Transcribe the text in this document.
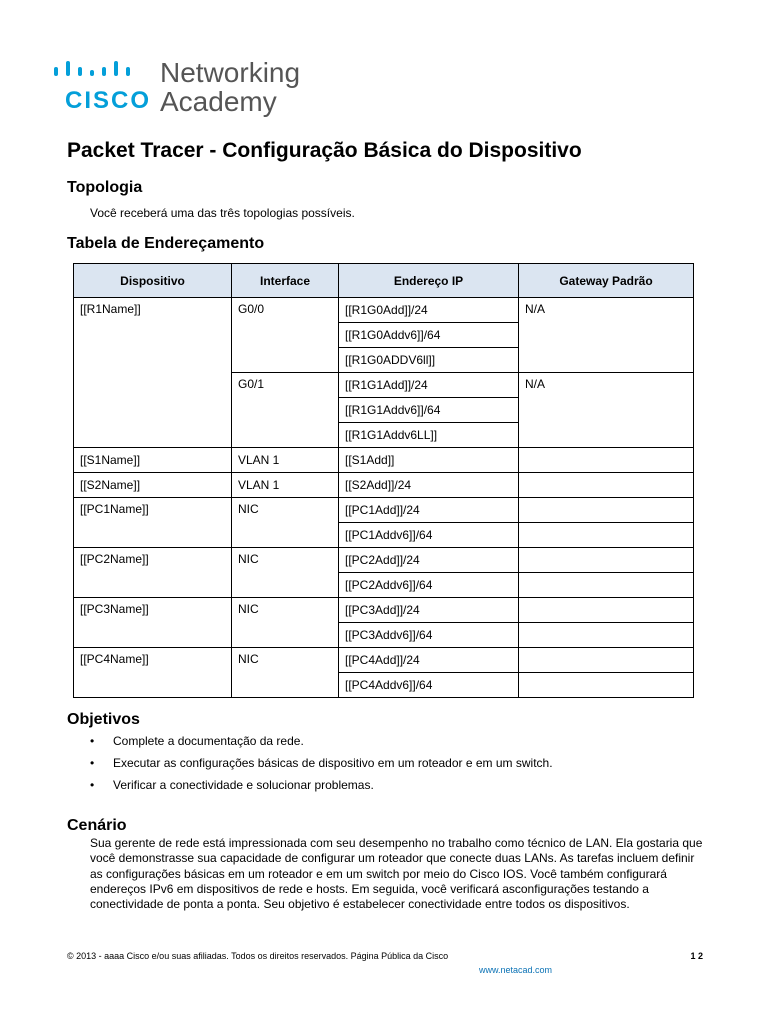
CISCO
Networking
Academy
Packet Tracer - Configuração Básica do Dispositivo
Topologia
Você receberá uma das três topologias possíveis.
Tabela de Endereçamento
Dispositivo	Interface	Endereço IP	Gateway Padrão
[[R1Name]]	G0/0	[[R1G0Add]]/24	N/A
		[[R1G0Addv6]]/64	
		[[R1G0ADDV6ll]]	
	G0/1	[[R1G1Add]]/24	N/A
		[[R1G1Addv6]]/64	
		[[R1G1Addv6LL]]	
[[S1Name]]	VLAN 1	[[S1Add]]	
[[S2Name]]	VLAN 1	[[S2Add]]/24	
[[PC1Name]]	NIC	[[PC1Add]]/24	
		[[PC1Addv6]]/64	
[[PC2Name]]	NIC	[[PC2Add]]/24	
		[[PC2Addv6]]/64	
[[PC3Name]]	NIC	[[PC3Add]]/24	
		[[PC3Addv6]]/64	
[[PC4Name]]	NIC	[[PC4Add]]/24	
		[[PC4Addv6]]/64	
Objetivos
• Complete a documentação da rede.
• Executar as configurações básicas de dispositivo em um roteador e em um switch.
• Verificar a conectividade e solucionar problemas.
Cenário
Sua gerente de rede está impressionada com seu desempenho no trabalho como técnico de LAN. Ela gostaria que você demonstrasse sua capacidade de configurar um roteador que conecte duas LANs. As tarefas incluem definir as configurações básicas em um roteador e em um switch por meio do Cisco IOS. Você também configurará endereços IPv6 em dispositivos de rede e hosts. Em seguida, você verificará asconfigurações testando a conectividade de ponta a ponta. Seu objetivo é estabelecer conectividade entre todos os dispositivos.
© 2013 - aaaa Cisco e/ou suas afiliadas. Todos os direitos reservados. Página Pública da Cisco	1 2
www.netacad.com
